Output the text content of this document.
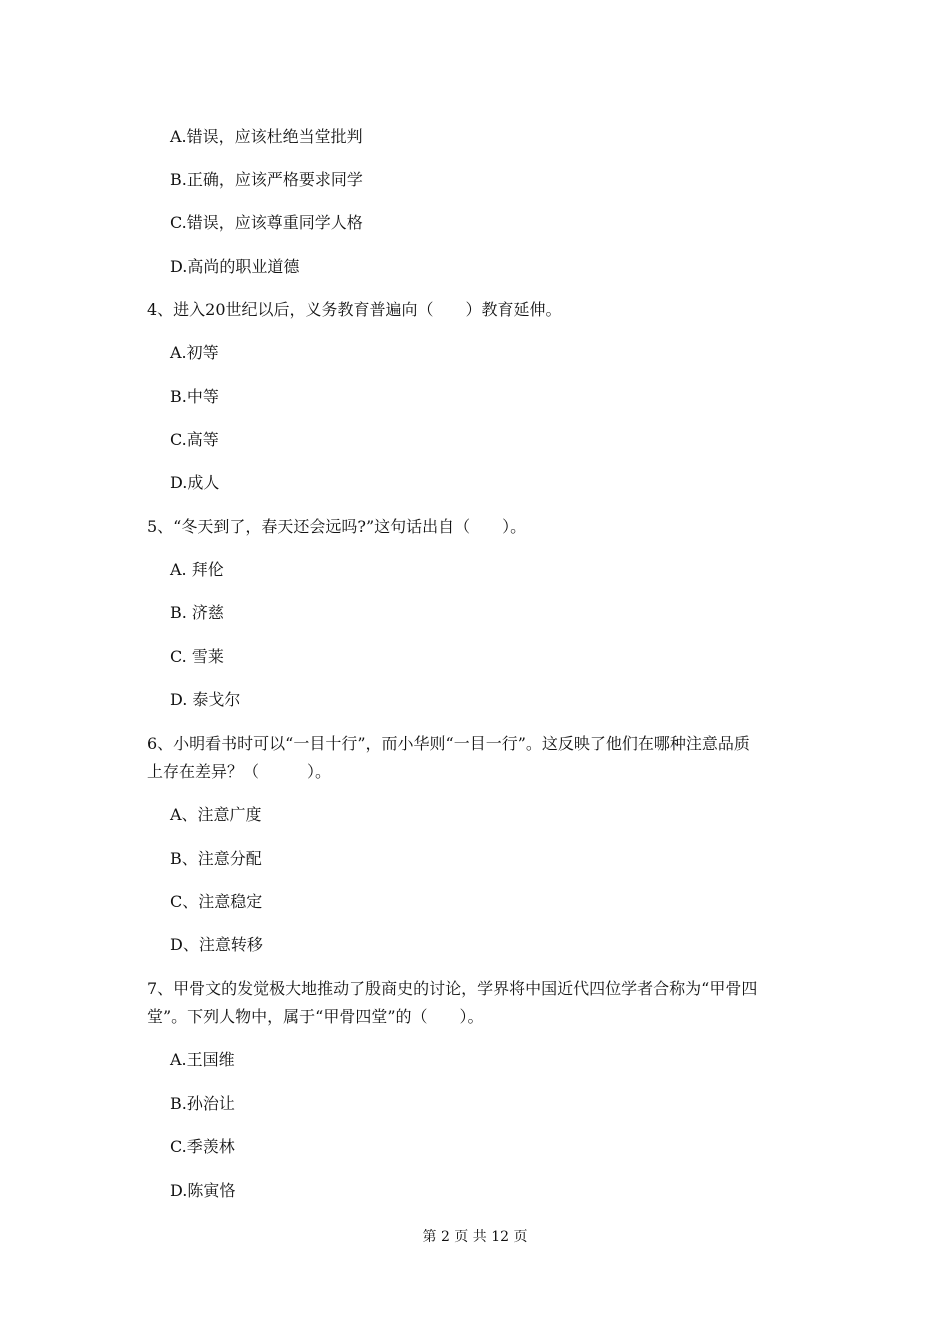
A.错误，应该杜绝当堂批判
B.正确，应该严格要求同学
C.错误，应该尊重同学人格
D.高尚的职业道德
4、进入20世纪以后，义务教育普遍向（　　）教育延伸。
A.初等
B.中等
C.高等
D.成人
5、“冬天到了，春天还会远吗?”这句话出自（　　）。
A. 拜伦
B. 济慈
C. 雪莱
D. 泰戈尔
6、小明看书时可以“一目十行”，而小华则“一目一行”。这反映了他们在哪种注意品质
上存在差异？（　　　）。
A、注意广度
B、注意分配
C、注意稳定
D、注意转移
7、甲骨文的发觉极大地推动了殷商史的讨论，学界将中国近代四位学者合称为“甲骨四
堂”。下列人物中，属于“甲骨四堂”的（　　）。
A.王国维
B.孙治让
C.季羡林
D.陈寅恪
第 2 页 共 12 页
